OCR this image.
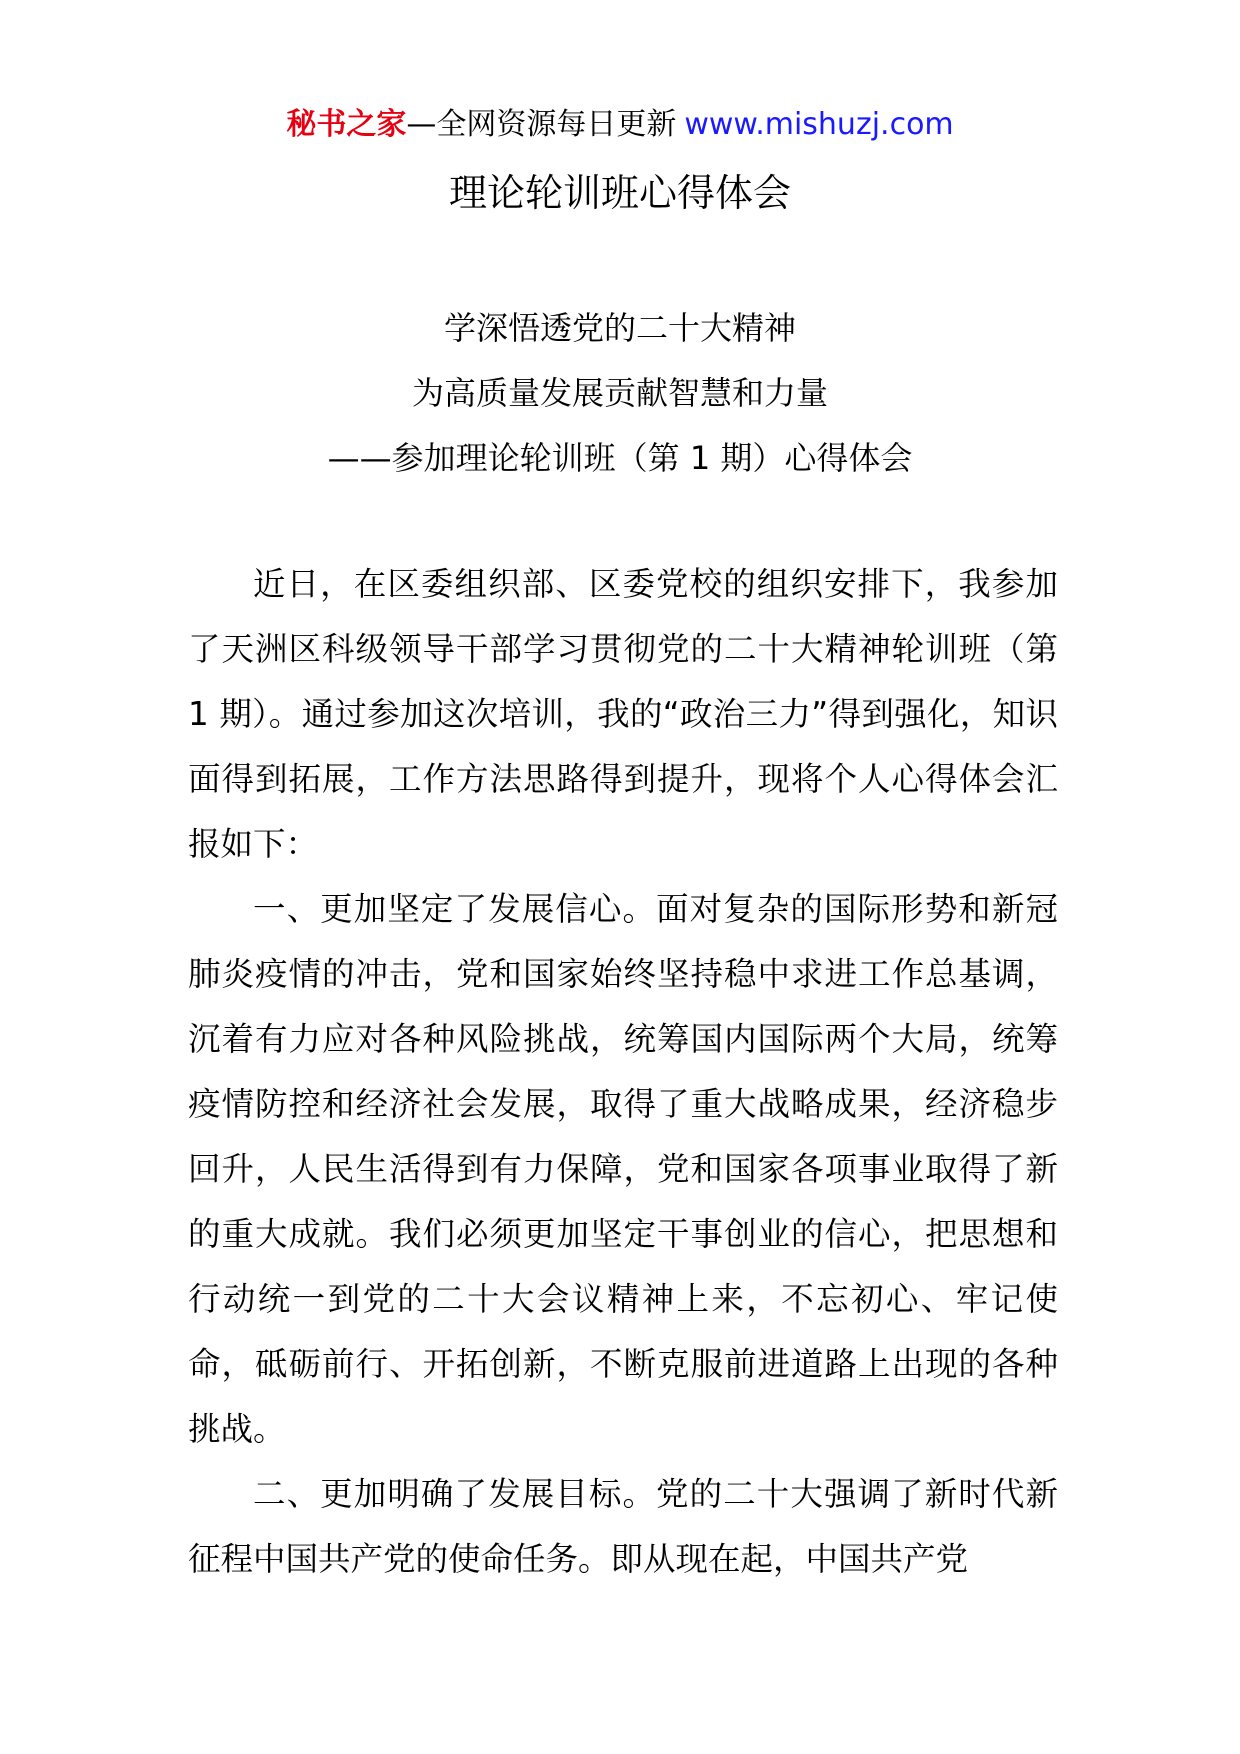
秘书之家—全网资源每日更新 www.mishuzj.com
理论轮训班心得体会
学深悟透党的二十大精神
为高质量发展贡献智慧和力量
——参加理论轮训班（第 1 期）心得体会

近日，在区委组织部、区委党校的组织安排下，我参加了天洲区科级领导干部学习贯彻党的二十大精神轮训班（第 1 期）。通过参加这次培训，我的“政治三力”得到强化，知识面得到拓展，工作方法思路得到提升，现将个人心得体会汇报如下：

一、更加坚定了发展信心。面对复杂的国际形势和新冠肺炎疫情的冲击，党和国家始终坚持稳中求进工作总基调，沉着有力应对各种风险挑战，统筹国内国际两个大局，统筹疫情防控和经济社会发展，取得了重大战略成果，经济稳步回升，人民生活得到有力保障，党和国家各项事业取得了新的重大成就。我们必须更加坚定干事创业的信心，把思想和行动统一到党的二十大会议精神上来，不忘初心、牢记使命，砥砺前行、开拓创新，不断克服前进道路上出现的各种挑战。

二、更加明确了发展目标。党的二十大强调了新时代新征程中国共产党的使命任务。即从现在起，中国共产党
